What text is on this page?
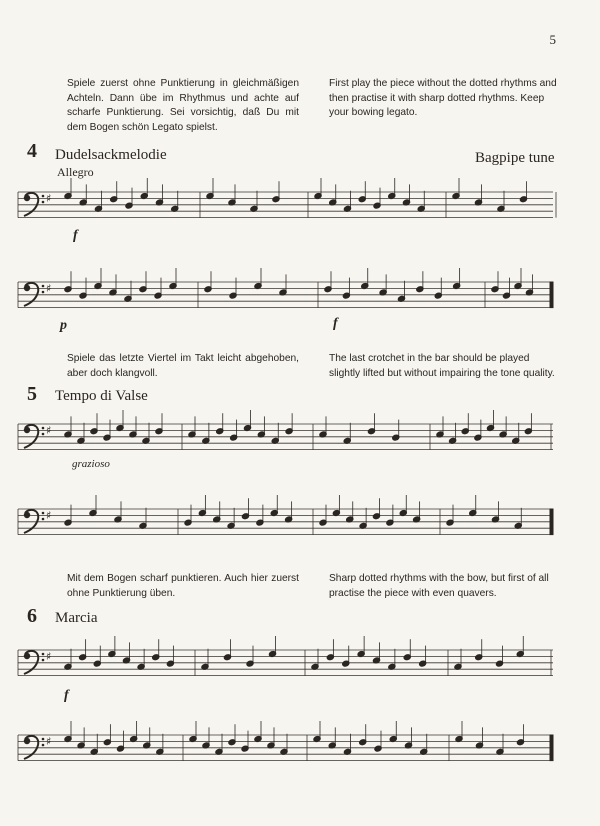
5
Spiele zuerst ohne Punktierung in gleichmäßigen Achteln. Dann übe im Rhythmus und achte auf scharfe Punktierung. Sei vorsichtig, daß Du mit dem Bogen schön Legato spielst.
First play the piece without the dotted rhythms and then practise it with sharp dotted rhythms. Keep your bowing legato.
4 Dudelsackmelodie	Bagpipe tune
Allegro
f
p	f
Spiele das letzte Viertel im Takt leicht abgehoben, aber doch klangvoll.
The last crotchet in the bar should be played slightly lifted but without impairing the tone quality.
5 Tempo di Valse
grazioso
Mit dem Bogen scharf punktieren. Auch hier zuerst ohne Punktierung üben.
Sharp dotted rhythms with the bow, but first of all practise the piece with even quavers.
6 Marcia
f
♯
♯
♯
♯
♯
♯
